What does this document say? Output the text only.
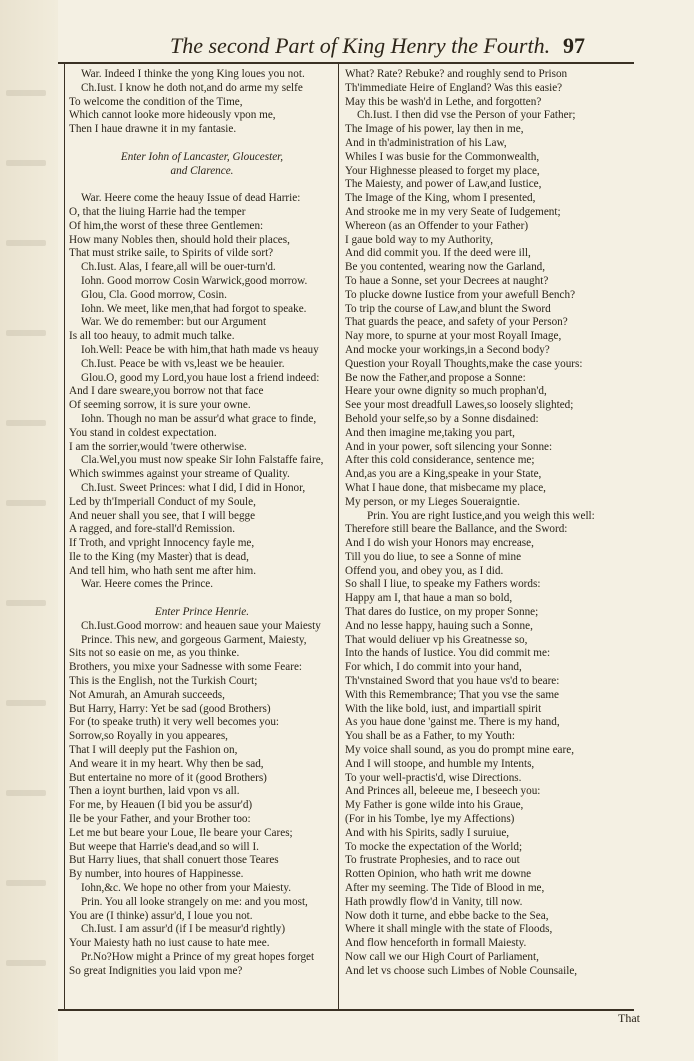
The second Part of King Henry the Fourth. 97
War. Indeed I thinke the yong King loues you not.
Ch.Iust. I know he doth not,and do arme my selfe
To welcome the condition of the Time,
Which cannot looke more hideously vpon me,
Then I haue drawne it in my fantasie.
Enter Iohn of Lancaster, Gloucester,
and Clarence.
War. Heere come the heauy Issue of dead Harrie:
O, that the liuing Harrie had the temper
Of him,the worst of these three Gentlemen:
How many Nobles then, should hold their places,
That must strike saile, to Spirits of vilde sort?
Ch.Iust. Alas, I feare,all will be ouer-turn'd.
Iohn. Good morrow Cosin Warwick,good morrow.
Glou, Cla. Good morrow, Cosin.
Iohn. We meet, like men,that had forgot to speake.
War. We do remember: but our Argument
Is all too heauy, to admit much talke.
Ioh.Well: Peace be with him,that hath made vs heauy
Ch.Iust. Peace be with vs,least we be heauier.
Glou.O, good my Lord,you haue lost a friend indeed:
And I dare sweare,you borrow not that face
Of seeming sorrow, it is sure your owne.
Iohn. Though no man be assur'd what grace to finde,
You stand in coldest expectation.
I am the sorrier,would 'twere otherwise.
Cla.Wel,you must now speake Sir Iohn Falstaffe faire,
Which swimmes against your streame of Quality.
Ch.Iust. Sweet Princes: what I did, I did in Honor,
Led by th'Imperiall Conduct of my Soule,
And neuer shall you see, that I will begge
A ragged, and fore-stall'd Remission.
If Troth, and vpright Innocency fayle me,
Ile to the King (my Master) that is dead,
And tell him, who hath sent me after him.
War. Heere comes the Prince.
Enter Prince Henrie.
Ch.Iust.Good morrow: and heauen saue your Maiesty
Prince. This new, and gorgeous Garment, Maiesty,
Sits not so easie on me, as you thinke.
Brothers, you mixe your Sadnesse with some Feare:
This is the English, not the Turkish Court;
Not Amurah, an Amurah succeeds,
But Harry, Harry: Yet be sad (good Brothers)
For (to speake truth) it very well becomes you:
Sorrow,so Royally in you appeares,
That I will deeply put the Fashion on,
And weare it in my heart. Why then be sad,
But entertaine no more of it (good Brothers)
Then a ioynt burthen, laid vpon vs all.
For me, by Heauen (I bid you be assur'd)
Ile be your Father, and your Brother too:
Let me but beare your Loue, Ile beare your Cares;
But weepe that Harrie's dead,and so will I.
But Harry liues, that shall conuert those Teares
By number, into houres of Happinesse.
Iohn,&c. We hope no other from your Maiesty.
Prin. You all looke strangely on me: and you most,
You are (I thinke) assur'd, I loue you not.
Ch.Iust. I am assur'd (if I be measur'd rightly)
Your Maiesty hath no iust cause to hate mee.
Pr.No?How might a Prince of my great hopes forget
So great Indignities you laid vpon me?
What? Rate? Rebuke? and roughly send to Prison
Th'immediate Heire of England? Was this easie?
May this be wash'd in Lethe, and forgotten?
Ch.Iust. I then did vse the Person of your Father;
The Image of his power, lay then in me,
And in th'administration of his Law,
Whiles I was busie for the Commonwealth,
Your Highnesse pleased to forget my place,
The Maiesty, and power of Law,and Iustice,
The Image of the King, whom I presented,
And strooke me in my very Seate of Iudgement;
Whereon (as an Offender to your Father)
I gaue bold way to my Authority,
And did commit you. If the deed were ill,
Be you contented, wearing now the Garland,
To haue a Sonne, set your Decrees at naught?
To plucke downe Iustice from your awefull Bench?
To trip the course of Law,and blunt the Sword
That guards the peace, and safety of your Person?
Nay more, to spurne at your most Royall Image,
And mocke your workings,in a Second body?
Question your Royall Thoughts,make the case yours:
Be now the Father,and propose a Sonne:
Heare your owne dignity so much prophan'd,
See your most dreadfull Lawes,so loosely slighted;
Behold your selfe,so by a Sonne disdained:
And then imagine me,taking you part,
And in your power, soft silencing your Sonne:
After this cold considerance, sentence me;
And,as you are a King,speake in your State,
What I haue done, that misbecame my place,
My person, or my Lieges Soueraigntie.
Prin. You are right Iustice,and you weigh this well:
Therefore still beare the Ballance, and the Sword:
And I do wish your Honors may encrease,
Till you do liue, to see a Sonne of mine
Offend you, and obey you, as I did.
So shall I liue, to speake my Fathers words:
Happy am I, that haue a man so bold,
That dares do Iustice, on my proper Sonne;
And no lesse happy, hauing such a Sonne,
That would deliuer vp his Greatnesse so,
Into the hands of Iustice. You did commit me:
For which, I do commit into your hand,
Th'vnstained Sword that you haue vs'd to beare:
With this Remembrance; That you vse the same
With the like bold, iust, and impartiall spirit
As you haue done 'gainst me. There is my hand,
You shall be as a Father, to my Youth:
My voice shall sound, as you do prompt mine eare,
And I will stoope, and humble my Intents,
To your well-practis'd, wise Directions.
And Princes all, beleeue me, I beseech you:
My Father is gone wilde into his Graue,
(For in his Tombe, lye my Affections)
And with his Spirits, sadly I suruiue,
To mocke the expectation of the World;
To frustrate Prophesies, and to race out
Rotten Opinion, who hath writ me downe
After my seeming. The Tide of Blood in me,
Hath prowdly flow'd in Vanity, till now.
Now doth it turne, and ebbe backe to the Sea,
Where it shall mingle with the state of Floods,
And flow henceforth in formall Maiesty.
Now call we our High Court of Parliament,
And let vs choose such Limbes of Noble Counsaile,
That
